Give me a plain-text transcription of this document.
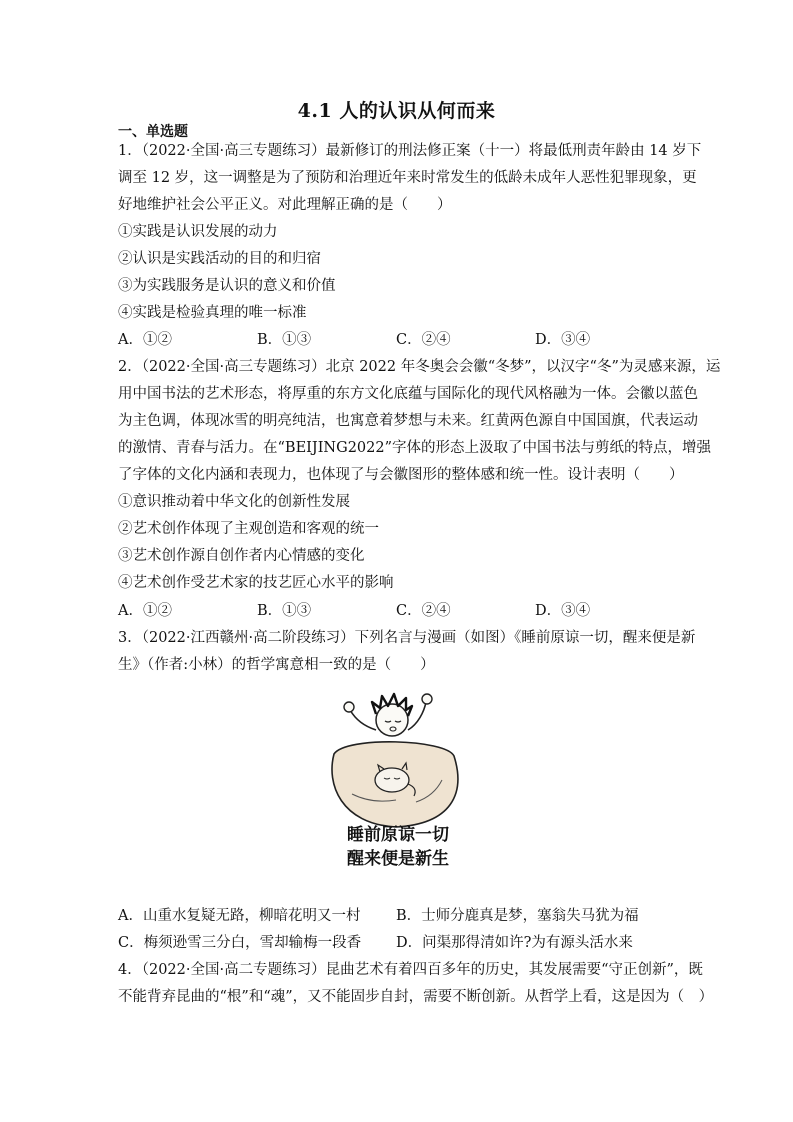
4.1 人的认识从何而来
一、单选题
1．（2022·全国·高三专题练习）最新修订的刑法修正案（十一）将最低刑责年龄由 14 岁下
调至 12 岁，这一调整是为了预防和治理近年来时常发生的低龄未成年人恶性犯罪现象，更
好地维护社会公平正义。对此理解正确的是（　　）
①实践是认识发展的动力
②认识是实践活动的目的和归宿
③为实践服务是认识的意义和价值
④实践是检验真理的唯一标准
A．①②	B．①③	C．②④	D．③④
2．（2022·全国·高三专题练习）北京 2022 年冬奥会会徽“冬梦”，以汉字“冬”为灵感来源，运
用中国书法的艺术形态，将厚重的东方文化底蕴与国际化的现代风格融为一体。会徽以蓝色
为主色调，体现冰雪的明亮纯洁，也寓意着梦想与未来。红黄两色源自中国国旗，代表运动
的激情、青春与活力。在“BEIJING2022”字体的形态上汲取了中国书法与剪纸的特点，增强
了字体的文化内涵和表现力，也体现了与会徽图形的整体感和统一性。设计表明（　　）
①意识推动着中华文化的创新性发展
②艺术创作体现了主观创造和客观的统一
③艺术创作源自创作者内心情感的变化
④艺术创作受艺术家的技艺匠心水平的影响
A．①②	B．①③	C．②④	D．③④
3．（2022·江西赣州·高二阶段练习）下列名言与漫画（如图）《睡前原谅一切，醒来便是新
生》（作者:小林）的哲学寓意相一致的是（　　）
睡前原谅一切
醒来便是新生
A．山重水复疑无路，柳暗花明又一村 B．士师分鹿真是梦，塞翁失马犹为福
C．梅须逊雪三分白，雪却输梅一段香 D．问渠那得清如许?为有源头活水来
4．（2022·全国·高二专题练习）昆曲艺术有着四百多年的历史，其发展需要“守正创新”，既
不能背弃昆曲的“根”和“魂”，又不能固步自封，需要不断创新。从哲学上看，这是因为（　）
